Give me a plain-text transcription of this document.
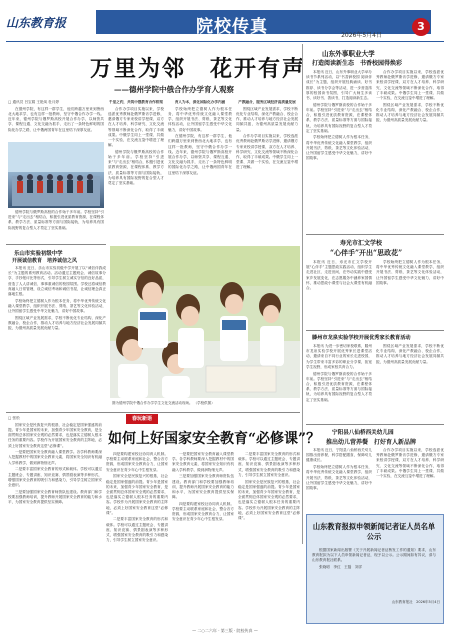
山东教育报	院校传真	2026年5月4日
3
万里为邻　花开有声
——德州学院中俄合作办学育人观察

□ 通讯员 吕宝娟 王艳凤 杜月婷

在德州学院，有这样一群学生，他们跨越万里来到鲁西北大地求学，也有这样一批教师，坚守中俄合作办学一线。近年来，德州学院与俄罗斯高校开展合作办学，以师资共享、课程互通、文化交融为抓手，走出了一条特色鲜明的国际化办学之路，让中俄两国青年在这里结下深厚友谊。

德州学院与俄罗斯高校的合作始于多年前。学校坚持“引进来”与“走出去”相结合，积极引进优质教育资源，在课程体系、教学方法、质量标准等方面与国际接轨，为培养具有国际视野的复合型人才奠定了坚实基础。

千里之约，共筑中俄教育合作桥梁

合作办学项目实施以来，学校选派优秀教师赴俄罗斯访学进修，邀请俄方专家来校讲学授课，双方在人才培养、科学研究、文化交流等领域不断深化合作，取得了丰硕成果。中俄学生同上一堂课、共做一个实验，在交流互鉴中增进了理解。

德州学院与俄罗斯高校的合作始于多年前。学校坚持“引进来”与“走出去”相结合，积极引进优质教育资源，在课程体系、教学方法、质量标准等方面与国际接轨，为培养具有国际视野的复合型人才奠定了坚实基础。

育人为本，深化国际化办学内涵

学校始终把立德树人作为根本任务，将中华优秀传统文化融入课堂教学，组织开展书法、剪纸、茶艺等文化体验活动，让外国留学生感受中华文化魅力，讲好中国故事。

在德州学院，有这样一群学生，他们跨越万里来到鲁西北大地求学，也有这样一批教师，坚守中俄合作办学一线。近年来，德州学院与俄罗斯高校开展合作办学，以师资共享、课程互通、文化交融为抓手，走出了一条特色鲜明的国际化办学之路，让中俄两国青年在这里结下深厚友谊。

产教融合，服务区域经济高质量发展

围绕区域产业发展需求，学校不断优化专业结构，深化产教融合、校企合作，推动人才培养与地方经济社会发展同频共振，为德州高质量发展贡献力量。

合作办学项目实施以来，学校选派优秀教师赴俄罗斯访学进修，邀请俄方专家来校讲学授课，双方在人才培养、科学研究、文化交流等领域不断深化合作，取得了丰硕成果。中俄学生同上一堂课、共做一个实验，在交流互鉴中增进了理解。

乐山市实验初级中学
开展诚信教育　培养诚信之风

本报讯 近日，乐山市实验初级中学开展了以“诚信伴我成长”为主题的系列教育活动。活动通过主题班会、诚信故事分享、手抄报评比等形式，引导学生树立诚实守信的良好品质，营造了人人讲诚信、事事重诚信的校园氛围。学校还将诚信教育融入日常管理，设立诚信考场和诚信书屋，让诚信理念真正落地生根。

学校始终把立德树人作为根本任务，将中华优秀传统文化融入课堂教学，组织开展书法、剪纸、茶艺等文化体验活动，让外国留学生感受中华文化魅力，讲好中国故事。

围绕区域产业发展需求，学校不断优化专业结构，深化产教融合、校企合作，推动人才培养与地方经济社会发展同频共振，为德州高质量发展贡献力量。

图为德州学院中俄合作办学学生文化交流活动现场。 （学校供图）
山东外事职业大学
打造阅读新生态　书香校园得焕彩

本报讯 近日，山东外事职业大学举办读书节系列活动，以“书香润校园 阅读伴成长”为主题，组织开展经典诵读、好书推荐、读书分享会等活动，进一步营造浓厚的校园读书氛围，引导广大师生多读书、读好书、善读书，打造阅读新生态。

德州学院与俄罗斯高校的合作始于多年前。学校坚持“引进来”与“走出去”相结合，积极引进优质教育资源，在课程体系、教学方法、质量标准等方面与国际接轨，为培养具有国际视野的复合型人才奠定了坚实基础。

学校始终把立德树人作为根本任务，将中华优秀传统文化融入课堂教学，组织开展书法、剪纸、茶艺等文化体验活动，让外国留学生感受中华文化魅力，讲好中国故事。

合作办学项目实施以来，学校选派优秀教师赴俄罗斯访学进修，邀请俄方专家来校讲学授课，双方在人才培养、科学研究、文化交流等领域不断深化合作，取得了丰硕成果。中俄学生同上一堂课、共做一个实验，在交流互鉴中增进了理解。

围绕区域产业发展需求，学校不断优化专业结构，深化产教融合、校企合作，推动人才培养与地方经济社会发展同频共振，为德州高质量发展贡献力量。

寿光市汇文学校
“心伴手”开出“思政花”

本报讯 近日，寿光市汇文学校开展“心伴手”主题思政实践活动，组织学生走进社区、走进田间，在劳动实践中感受家乡发展变化，在志愿服务中涵养家国情怀，推动思政小课堂与社会大课堂有机融合。

学校始终把立德树人作为根本任务，将中华优秀传统文化融入课堂教学，组织开展书法、剪纸、茶艺等文化体验活动，让外国留学生感受中华文化魅力，讲好中国故事。

滕州市龙泉实验学校开展优秀家长教育活动

本报讯 为进一步密切家校联系，滕州市龙泉实验学校开展优秀家长进课堂活动，邀请来自不同行业的家长走进校园，为学生带来丰富多彩的职业分享课，拓宽学生视野，形成家校共育合力。

德州学院与俄罗斯高校的合作始于多年前。学校坚持“引进来”与“走出去”相结合，积极引进优质教育资源，在课程体系、教学方法、质量标准等方面与国际接轨，为培养具有国际视野的复合型人才奠定了坚实基础。

围绕区域产业发展需求，学校不断优化专业结构，深化产教融合、校企合作，推动人才培养与地方经济社会发展同频共振，为德州高质量发展贡献力量。

宁阳县八仙桥西关幼儿园
推出幼儿营养餐　打好育人新品牌

本报讯 近日，宁阳县八仙桥西关幼儿园推出营养餐，科学搭配膳食，保障幼儿健康成长。

学校始终把立德树人作为根本任务，将中华优秀传统文化融入课堂教学，组织开展书法、剪纸、茶艺等文化体验活动，让外国留学生感受中华文化魅力，讲好中国故事。

合作办学项目实施以来，学校选派优秀教师赴俄罗斯访学进修，邀请俄方专家来校讲学授课，双方在人才培养、科学研究、文化交流等领域不断深化合作，取得了丰硕成果。中俄学生同上一堂课、共做一个实验，在交流互鉴中增进了理解。

春玩新语
如何上好国家安全教育“必修课”？

□ 张松

国家安全是民族复兴的根基，社会稳定是国家强盛的前提。青少年是国家的未来，加强青少年国家安全教育，是全面贯彻总体国家安全观的必然要求，也是落实立德树人根本任务的重要内容。学校作为开展国家安全教育的主阵地，必须上好国家安全教育这堂“必修课”。

一是要把国家安全教育融入课堂教学。各学科教师要深入挖掘教材中的国家安全教育元素，将国家安全知识有机融入学科教学，做到润物细无声。

二是要丰富国家安全教育的形式和载体。学校可以通过主题班会、专题讲座、知识竞赛、情景剧表演等多种形式，增强国家安全教育的吸引力和感染力，引导学生树立国家安全意识。

三是要加强国家安全教育师资队伍建设。教育部门和学校要加强教师培训，提升教师开展国家安全教育的能力和水平，为国家安全教育提供坚实保障。

四是要构建家校社协同育人机制。学校要主动联系家庭和社会，整合各方资源，形成国家安全教育合力，让国家安全意识在青少年心中生根发芽。

国家安全是民族复兴的根基，社会稳定是国家强盛的前提。青少年是国家的未来，加强青少年国家安全教育，是全面贯彻总体国家安全观的必然要求，也是落实立德树人根本任务的重要内容。学校作为开展国家安全教育的主阵地，必须上好国家安全教育这堂“必修课”。

二是要丰富国家安全教育的形式和载体。学校可以通过主题班会、专题讲座、知识竞赛、情景剧表演等多种形式，增强国家安全教育的吸引力和感染力，引导学生树立国家安全意识。

一是要把国家安全教育融入课堂教学。各学科教师要深入挖掘教材中的国家安全教育元素，将国家安全知识有机融入学科教学，做到润物细无声。

三是要加强国家安全教育师资队伍建设。教育部门和学校要加强教师培训，提升教师开展国家安全教育的能力和水平，为国家安全教育提供坚实保障。

四是要构建家校社协同育人机制。学校要主动联系家庭和社会，整合各方资源，形成国家安全教育合力，让国家安全意识在青少年心中生根发芽。

二是要丰富国家安全教育的形式和载体。学校可以通过主题班会、专题讲座、知识竞赛、情景剧表演等多种形式，增强国家安全教育的吸引力和感染力，引导学生树立国家安全意识。

国家安全是民族复兴的根基，社会稳定是国家强盛的前提。青少年是国家的未来，加强青少年国家安全教育，是全面贯彻总体国家安全观的必然要求，也是落实立德树人根本任务的重要内容。学校作为开展国家安全教育的主阵地，必须上好国家安全教育这堂“必修课”。

山东教育报拟申领新闻记者证人员名单公示

根据国家新闻出版署《关于开展新闻记者证核发工作的通知》要求，山东教育报拟为以下人员申领新闻记者证，现予以公示。公示期间如有异议，请与山东教育报社联系。

张晓明　李红　王磊　刘洋

山东教育报社　2026年5月4日
— 二○二六年 · 第三版 · 院校传真 —
